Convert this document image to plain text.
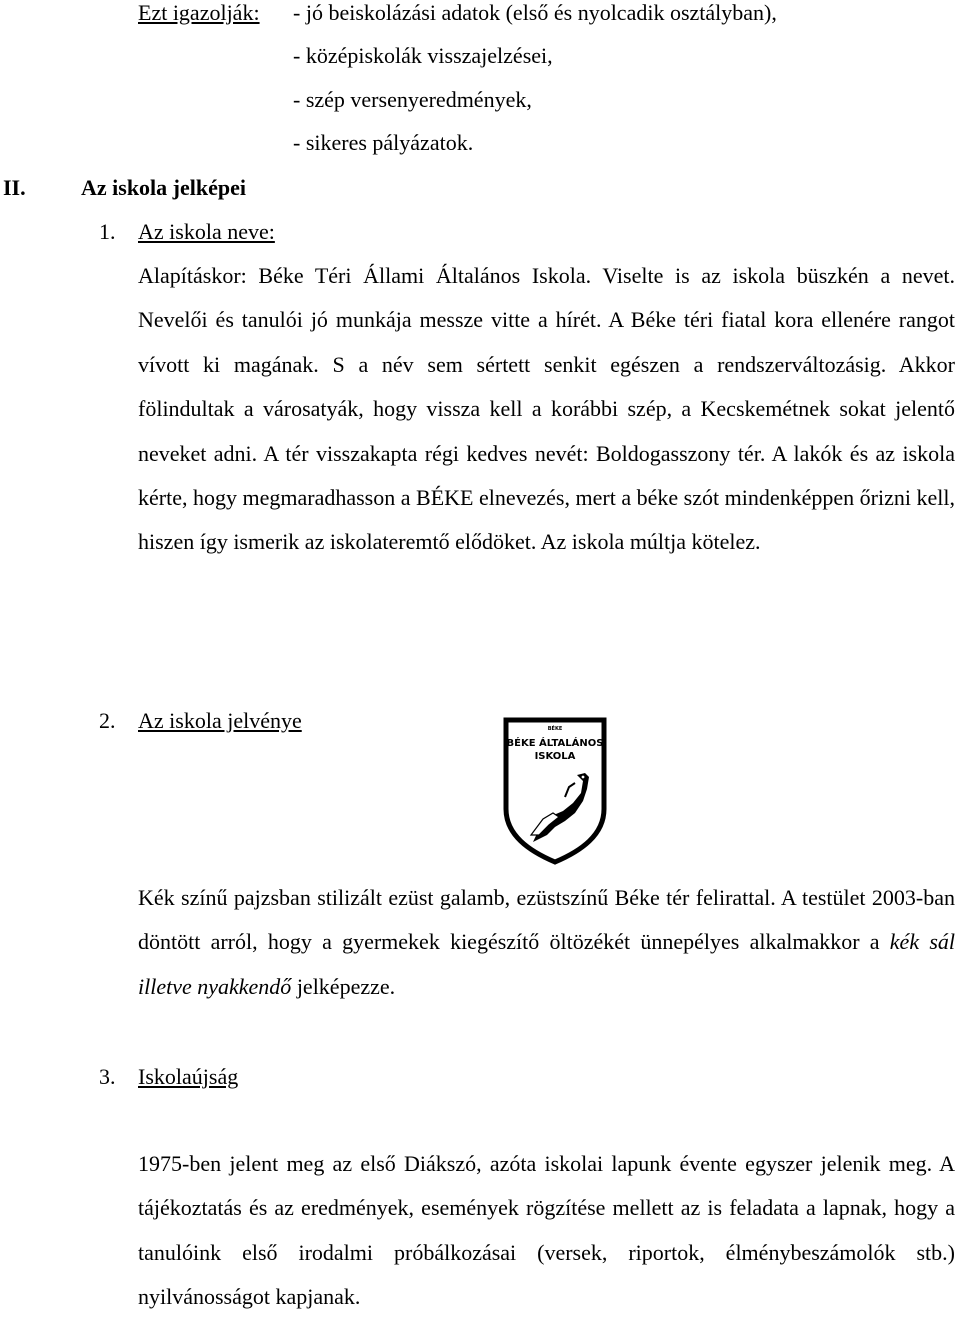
Ezt igazolják: - jó beiskolázási adatok (első és nyolcadik osztályban),
- középiskolák visszajelzései,
- szép versenyeredmények,
- sikeres pályázatok.
II.	Az iskola jelképei
1. Az iskola neve:

Alapításkor: Béke Téri Állami Általános Iskola. Viselte is az iskola büszkén a nevet. Nevelői és tanulói jó munkája messze vitte a hírét. A Béke téri fiatal kora ellenére rangot vívott ki magának. S a név sem sértett senkit egészen a rendszerváltozásig. Akkor fölindultak a városatyák, hogy vissza kell a korábbi szép, a Kecskemétnek sokat jelentő neveket adni. A tér visszakapta régi kedves nevét: Boldogasszony tér. A lakók és az iskola kérte, hogy megmaradhasson a BÉKE elnevezés, mert a béke szót mindenképpen őrizni kell, hiszen így ismerik az iskolateremtő elődöket. Az iskola múltja kötelez.

2. Az iskola jelvénye	BÉKE
BÉKE ÁLTALÁNOS
ISKOLA

Kék színű pajzsban stilizált ezüst galamb, ezüstszínű Béke tér felirattal. A testület 2003-ban döntött arról, hogy a gyermekek kiegészítő öltözékét ünnepélyes alkalmakkor a kék sál illetve nyakkendő jelképezze.

3. Iskolaújság

1975-ben jelent meg az első Diákszó, azóta iskolai lapunk évente egyszer jelenik meg. A tájékoztatás és az eredmények, események rögzítése mellett az is feladata a lapnak, hogy a tanulóink első irodalmi próbálkozásai (versek, riportok, élménybeszámolók stb.) nyilvánosságot kapjanak.
